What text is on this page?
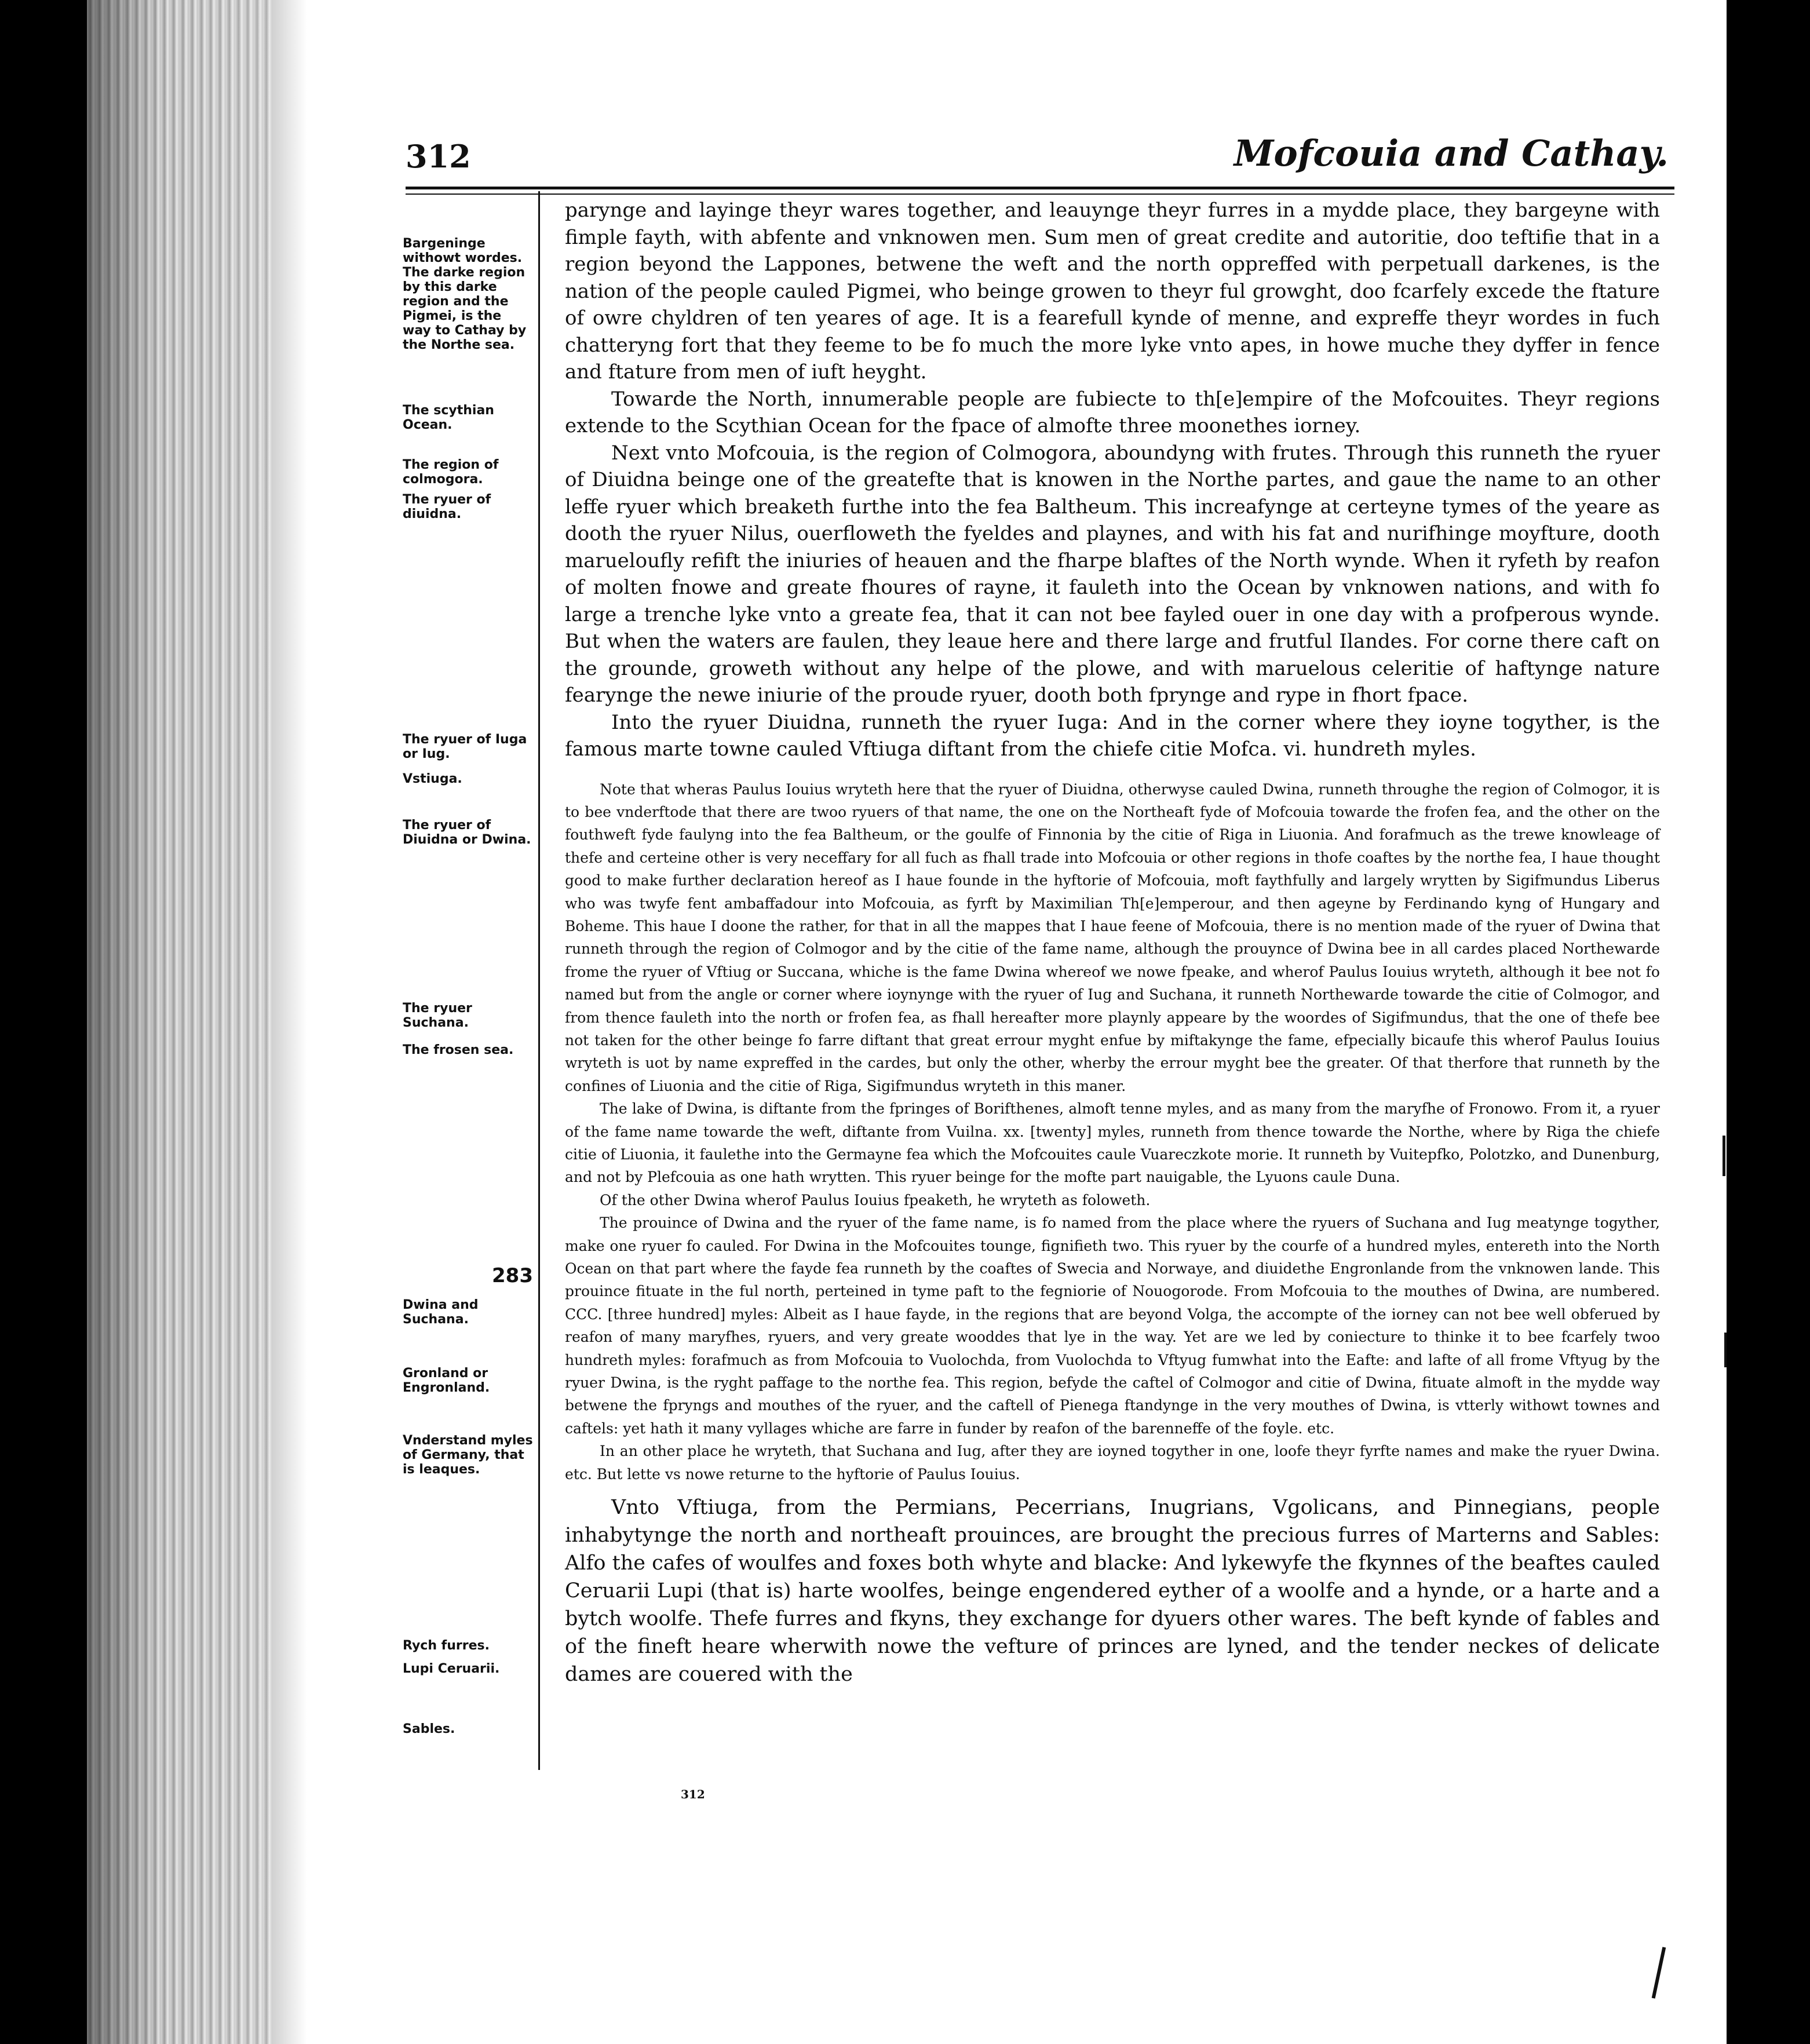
312	Mofcouia and Cathay.
Bargeninge withowt wordes.
The darke region by this darke region and the Pigmei, is the way to Cathay by the Northe sea.
The scythian Ocean.
The region of colmogora.
The ryuer of diuidna.
The ryuer of Iuga or Iug.
Vstiuga.
The ryuer of Diuidna or Dwina.
The ryuer Suchana.
The frosen sea.
283
Dwina and Suchana.
Gronland or Engronland.
Vnderstand myles of Germany, that is leaques.
Rych furres.
Lupi Ceruarii.
Sables.

parynge and layinge theyr wares together, and leauynge theyr furres in a mydde place, they bargeyne with fimple fayth, with abfente and vnknowen men. Sum men of great credite and autoritie, doo teftifie that in a region beyond the Lappones, betwene the weft and the north oppreffed with perpetuall darkenes, is the nation of the people cauled Pigmei, who beinge growen to theyr ful growght, doo fcarfely excede the ftature of owre chyldren of ten yeares of age. It is a fearefull kynde of menne, and expreffe theyr wordes in fuch chatteryng fort that they feeme to be fo much the more lyke vnto apes, in howe muche they dyffer in fence and ftature from men of iuft heyght.

Towarde the North, innumerable people are fubiecte to th[e]empire of the Mofcouites. Theyr regions extende to the Scythian Ocean for the fpace of almofte three moonethes iorney.

Next vnto Mofcouia, is the region of Colmogora, aboundyng with frutes. Through this runneth the ryuer of Diuidna beinge one of the greatefte that is knowen in the Northe partes, and gaue the name to an other leffe ryuer which breaketh furthe into the fea Baltheum. This increafynge at certeyne tymes of the yeare as dooth the ryuer Nilus, ouerfloweth the fyeldes and playnes, and with his fat and nurifhinge moyfture, dooth marueloufly refift the iniuries of heauen and the fharpe blaftes of the North wynde. When it ryfeth by reafon of molten fnowe and greate fhoures of rayne, it fauleth into the Ocean by vnknowen nations, and with fo large a trenche lyke vnto a greate fea, that it can not bee fayled ouer in one day with a profperous wynde. But when the waters are faulen, they leaue here and there large and frutful Ilandes. For corne there caft on the grounde, groweth without any helpe of the plowe, and with maruelous celeritie of haftynge nature fearynge the newe iniurie of the proude ryuer, dooth both fprynge and rype in fhort fpace.

Into the ryuer Diuidna, runneth the ryuer Iuga: And in the corner where they ioyne togyther, is the famous marte towne cauled Vftiuga diftant from the chiefe citie Mofca. vi. hundreth myles.

Note that wheras Paulus Iouius wryteth here that the ryuer of Diuidna, otherwyse cauled Dwina, runneth throughe the region of Colmogor, it is to bee vnderftode that there are twoo ryuers of that name, the one on the Northeaft fyde of Mofcouia towarde the frofen fea, and the other on the fouthweft fyde faulyng into the fea Baltheum, or the goulfe of Finnonia by the citie of Riga in Liuonia. And forafmuch as the trewe knowleage of thefe and certeine other is very neceffary for all fuch as fhall trade into Mofcouia or other regions in thofe coaftes by the northe fea, I haue thought good to make further declaration hereof as I haue founde in the hyftorie of Mofcouia, moft faythfully and largely wrytten by Sigifmundus Liberus who was twyfe fent ambaffadour into Mofcouia, as fyrft by Maximilian Th[e]emperour, and then ageyne by Ferdinando kyng of Hungary and Boheme. This haue I doone the rather, for that in all the mappes that I haue feene of Mofcouia, there is no mention made of the ryuer of Dwina that runneth through the region of Colmogor and by the citie of the fame name, although the prouynce of Dwina bee in all cardes placed Northewarde frome the ryuer of Vftiug or Succana, whiche is the fame Dwina whereof we nowe fpeake, and wherof Paulus Iouius wryteth, although it bee not fo named but from the angle or corner where ioynynge with the ryuer of Iug and Suchana, it runneth Northewarde towarde the citie of Colmogor, and from thence fauleth into the north or frofen fea, as fhall hereafter more playnly appeare by the woordes of Sigifmundus, that the one of thefe bee not taken for the other beinge fo farre diftant that great errour myght enfue by miftakynge the fame, efpecially bicaufe this wherof Paulus Iouius wryteth is uot by name expreffed in the cardes, but only the other, wherby the errour myght bee the greater. Of that therfore that runneth by the confines of Liuonia and the citie of Riga, Sigifmundus wryteth in this maner.

The lake of Dwina, is diftante from the fpringes of Borifthenes, almoft tenne myles, and as many from the maryfhe of Fronowo. From it, a ryuer of the fame name towarde the weft, diftante from Vuilna. xx. [twenty] myles, runneth from thence towarde the Northe, where by Riga the chiefe citie of Liuonia, it faulethe into the Germayne fea which the Mofcouites caule Vuareczkote morie. It runneth by Vuitepfko, Polotzko, and Dunenburg, and not by Plefcouia as one hath wrytten. This ryuer beinge for the mofte part nauigable, the Lyuons caule Duna.

Of the other Dwina wherof Paulus Iouius fpeaketh, he wryteth as foloweth.

The prouince of Dwina and the ryuer of the fame name, is fo named from the place where the ryuers of Suchana and Iug meatynge togyther, make one ryuer fo cauled. For Dwina in the Mofcouites tounge, fignifieth two. This ryuer by the courfe of a hundred myles, entereth into the North Ocean on that part where the fayde fea runneth by the coaftes of Swecia and Norwaye, and diuidethe Engronlande from the vnknowen lande. This prouince fituate in the ful north, perteined in tyme paft to the fegniorie of Nouogorode. From Mofcouia to the mouthes of Dwina, are numbered. CCC. [three hundred] myles: Albeit as I haue fayde, in the regions that are beyond Volga, the accompte of the iorney can not bee well obferued by reafon of many maryfhes, ryuers, and very greate wooddes that lye in the way. Yet are we led by coniecture to thinke it to bee fcarfely twoo hundreth myles: forafmuch as from Mofcouia to Vuolochda, from Vuolochda to Vftyug fumwhat into the Eafte: and lafte of all frome Vftyug by the ryuer Dwina, is the ryght paffage to the northe fea. This region, befyde the caftel of Colmogor and citie of Dwina, fituate almoft in the mydde way betwene the fpryngs and mouthes of the ryuer, and the caftell of Pienega ftandynge in the very mouthes of Dwina, is vtterly withowt townes and caftels: yet hath it many vyllages whiche are farre in funder by reafon of the barenneffe of the foyle. etc.

In an other place he wryteth, that Suchana and Iug, after they are ioyned togyther in one, loofe theyr fyrfte names and make the ryuer Dwina. etc. But lette vs nowe returne to the hyftorie of Paulus Iouius.

Vnto Vftiuga, from the Permians, Pecerrians, Inugrians, Vgolicans, and Pinnegians, people inhabytynge the north and northeaft prouinces, are brought the precious furres of Marterns and Sables: Alfo the cafes of woulfes and foxes both whyte and blacke: And lykewyfe the fkynnes of the beaftes cauled Ceruarii Lupi (that is) harte woolfes, beinge engendered eyther of a woolfe and a hynde, or a harte and a bytch woolfe. Thefe furres and fkyns, they exchange for dyuers other wares. The beft kynde of fables and of the fineft heare wherwith nowe the vefture of princes are lyned, and the tender neckes of delicate dames are couered with the

312
